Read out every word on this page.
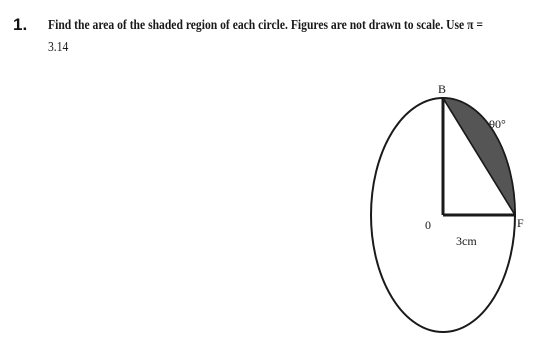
1. Find the area of the shaded region of each circle. Figures are not drawn to scale. Use π =
3.14
B
90°
0	F
3cm
